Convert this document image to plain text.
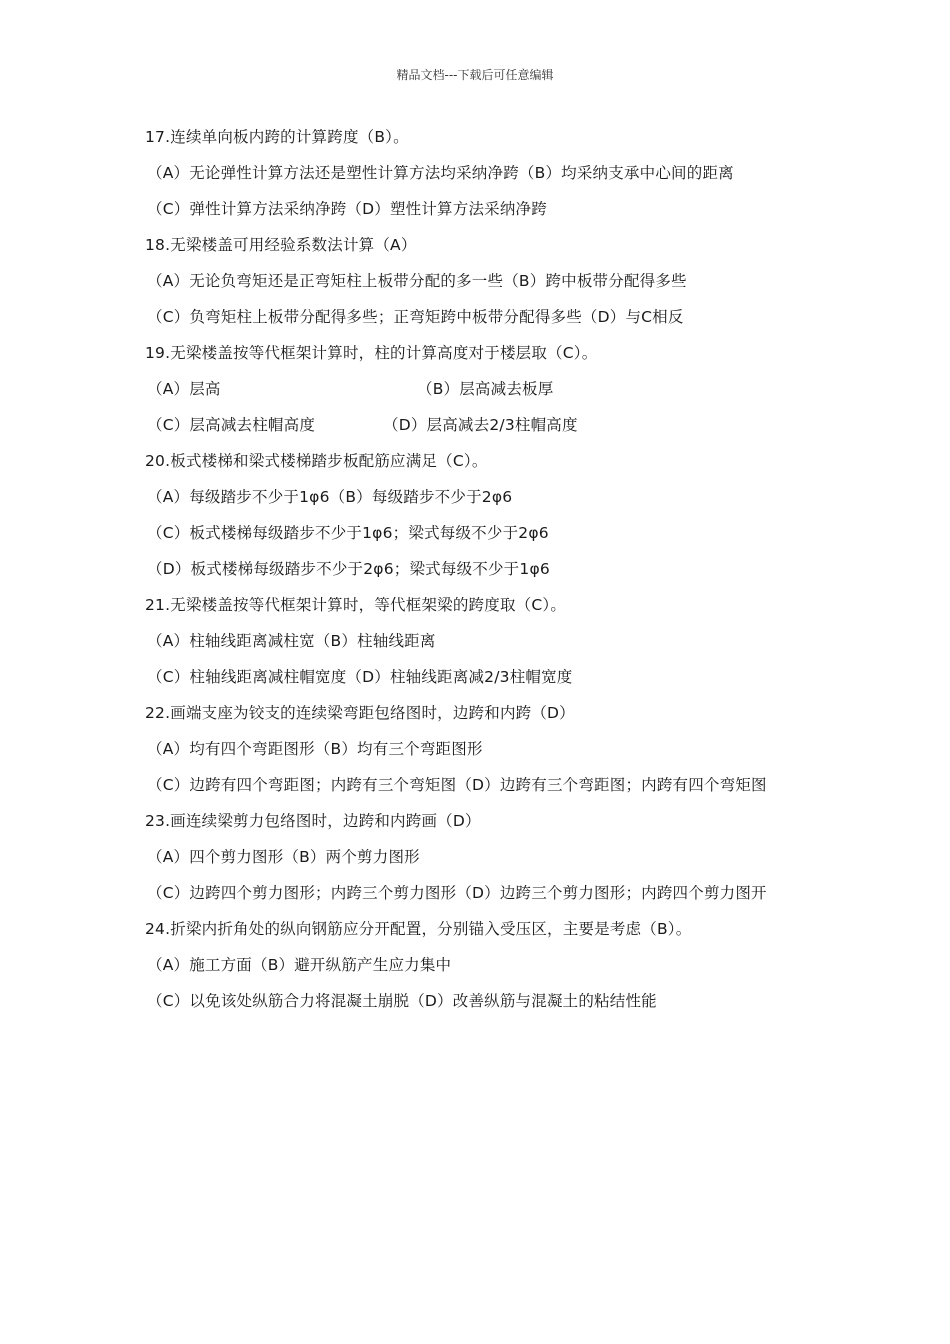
精品文档---下载后可任意编辑
17.连续单向板内跨的计算跨度（B）。
（A）无论弹性计算方法还是塑性计算方法均采纳净跨（B）均采纳支承中心间的距离
（C）弹性计算方法采纳净跨（D）塑性计算方法采纳净跨
18.无梁楼盖可用经验系数法计算（A）
（A）无论负弯矩还是正弯矩柱上板带分配的多一些（B）跨中板带分配得多些
（C）负弯矩柱上板带分配得多些；正弯矩跨中板带分配得多些（D）与C相反
19.无梁楼盖按等代框架计算时，柱的计算高度对于楼层取（C）。
（A）层高	（B）层高减去板厚
（C）层高减去柱帽高度	（D）层高减去2/3柱帽高度
20.板式楼梯和梁式楼梯踏步板配筋应满足（C）。
（A）每级踏步不少于1φ6（B）每级踏步不少于2φ6
（C）板式楼梯每级踏步不少于1φ6；梁式每级不少于2φ6
（D）板式楼梯每级踏步不少于2φ6；梁式每级不少于1φ6
21.无梁楼盖按等代框架计算时，等代框架梁的跨度取（C）。
（A）柱轴线距离减柱宽（B）柱轴线距离
（C）柱轴线距离减柱帽宽度（D）柱轴线距离减2/3柱帽宽度
22.画端支座为铰支的连续梁弯距包络图时，边跨和内跨（D）
（A）均有四个弯距图形（B）均有三个弯距图形
（C）边跨有四个弯距图；内跨有三个弯矩图（D）边跨有三个弯距图；内跨有四个弯矩图
23.画连续梁剪力包络图时，边跨和内跨画（D）
（A）四个剪力图形（B）两个剪力图形
（C）边跨四个剪力图形；内跨三个剪力图形（D）边跨三个剪力图形；内跨四个剪力图开
24.折梁内折角处的纵向钢筋应分开配置，分别锚入受压区，主要是考虑（B）。
（A）施工方面（B）避开纵筋产生应力集中
（C）以免该处纵筋合力将混凝土崩脱（D）改善纵筋与混凝土的粘结性能
